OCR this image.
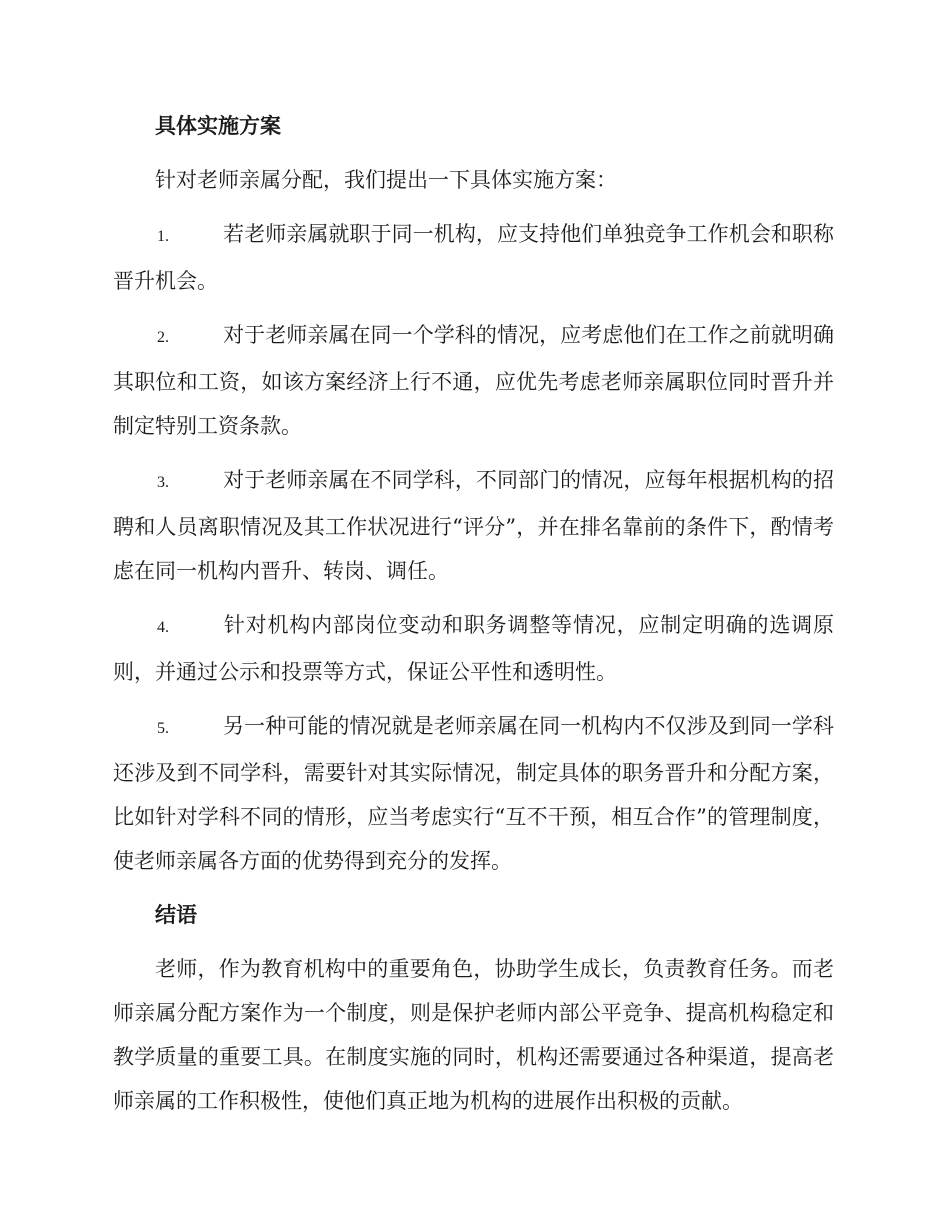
具体实施方案

针对老师亲属分配，我们提出一下具体实施方案：

1.	若老师亲属就职于同一机构，应支持他们单独竞争工作机会和职称晋升机会。

2.	对于老师亲属在同一个学科的情况，应考虑他们在工作之前就明确其职位和工资，如该方案经济上行不通，应优先考虑老师亲属职位同时晋升并制定特别工资条款。

3.	对于老师亲属在不同学科，不同部门的情况，应每年根据机构的招聘和人员离职情况及其工作状况进行“评分”，并在排名靠前的条件下，酌情考虑在同一机构内晋升、转岗、调任。

4.	针对机构内部岗位变动和职务调整等情况，应制定明确的选调原则，并通过公示和投票等方式，保证公平性和透明性。

5.	另一种可能的情况就是老师亲属在同一机构内不仅涉及到同一学科还涉及到不同学科，需要针对其实际情况，制定具体的职务晋升和分配方案，比如针对学科不同的情形，应当考虑实行“互不干预，相互合作”的管理制度，使老师亲属各方面的优势得到充分的发挥。

结语

老师，作为教育机构中的重要角色，协助学生成长，负责教育任务。而老师亲属分配方案作为一个制度，则是保护老师内部公平竞争、提高机构稳定和教学质量的重要工具。在制度实施的同时，机构还需要通过各种渠道，提高老师亲属的工作积极性，使他们真正地为机构的进展作出积极的贡献。
